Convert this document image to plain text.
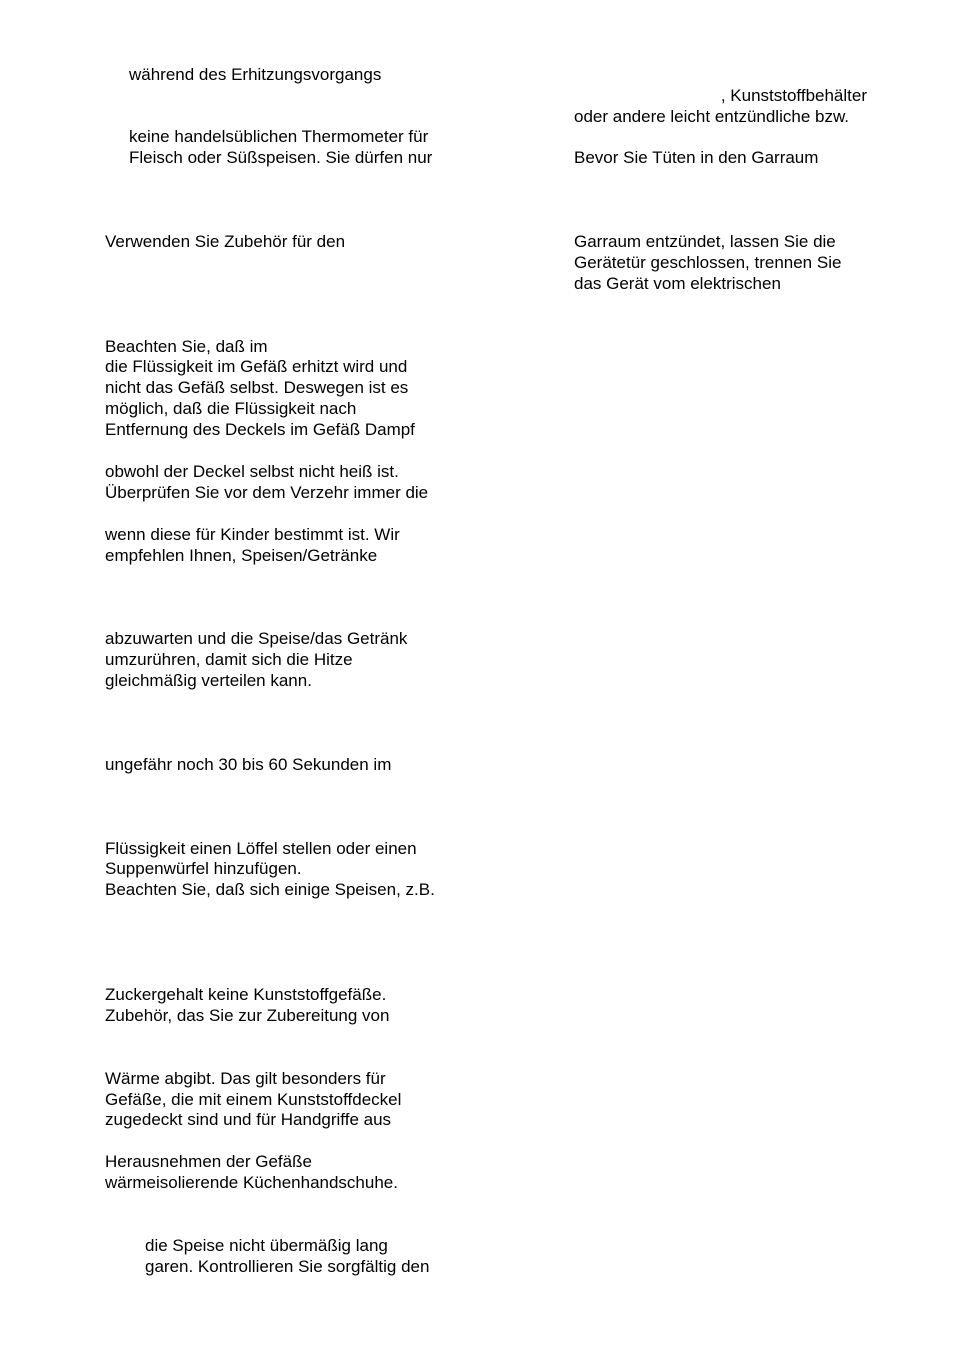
während des Erhitzungsvorgangs
keine handelsüblichen Thermometer für
Fleisch oder Süßspeisen. Sie dürfen nur
Verwenden Sie Zubehör für den
Beachten Sie, daß im
die Flüssigkeit im Gefäß erhitzt wird und
nicht das Gefäß selbst. Deswegen ist es
möglich, daß die Flüssigkeit nach
Entfernung des Deckels im Gefäß Dampf
obwohl der Deckel selbst nicht heiß ist.
Überprüfen Sie vor dem Verzehr immer die
wenn diese für Kinder bestimmt ist. Wir
empfehlen Ihnen, Speisen/Getränke
abzuwarten und die Speise/das Getränk
umzurühren, damit sich die Hitze
gleichmäßig verteilen kann.
ungefähr noch 30 bis 60 Sekunden im
Flüssigkeit einen Löffel stellen oder einen
Suppenwürfel hinzufügen.
Beachten Sie, daß sich einige Speisen, z.B.
Zuckergehalt keine Kunststoffgefäße.
Zubehör, das Sie zur Zubereitung von
Wärme abgibt. Das gilt besonders für
Gefäße, die mit einem Kunststoffdeckel
zugedeckt sind und für Handgriffe aus
Herausnehmen der Gefäße
wärmeisolierende Küchenhandschuhe.
die Speise nicht übermäßig lang
garen. Kontrollieren Sie sorgfältig den
, Kunststoffbehälter
oder andere leicht entzündliche bzw.
Bevor Sie Tüten in den Garraum
Garraum entzündet, lassen Sie die
Gerätetür geschlossen, trennen Sie
das Gerät vom elektrischen
